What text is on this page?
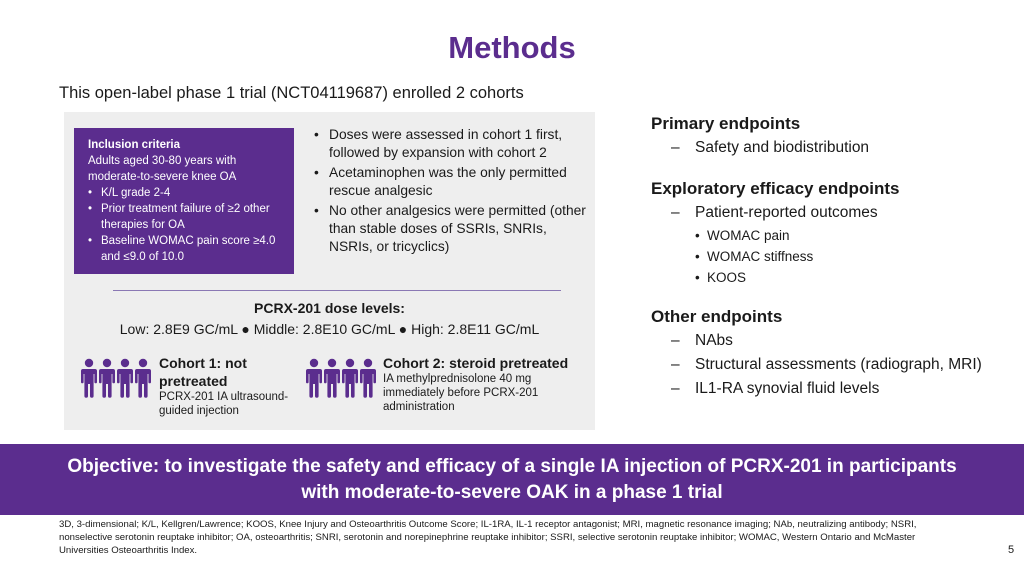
Methods
This open-label phase 1 trial (NCT04119687) enrolled 2 cohorts
Inclusion criteria
Adults aged 30-80 years with moderate-to-severe knee OA
• K/L grade 2-4
• Prior treatment failure of ≥2 other therapies for OA
• Baseline WOMAC pain score ≥4.0 and ≤9.0 of 10.0
• Doses were assessed in cohort 1 first, followed by expansion with cohort 2
• Acetaminophen was the only permitted rescue analgesic
• No other analgesics were permitted (other than stable doses of SSRIs, SNRIs, NSRIs, or tricyclics)
PCRX-201 dose levels:
Low: 2.8E9 GC/mL ● Middle: 2.8E10 GC/mL ● High: 2.8E11 GC/mL
Cohort 1: not pretreated
PCRX-201 IA ultrasound-guided injection
Cohort 2: steroid pretreated
IA methylprednisolone 40 mg immediately before PCRX-201 administration
Primary endpoints
– Safety and biodistribution
Exploratory efficacy endpoints
– Patient-reported outcomes
• WOMAC pain
• WOMAC stiffness
• KOOS
Other endpoints
– NAbs
– Structural assessments (radiograph, MRI)
– IL1-RA synovial fluid levels
Objective: to investigate the safety and efficacy of a single IA injection of PCRX-201 in participants with moderate-to-severe OAK in a phase 1 trial
3D, 3-dimensional; K/L, Kellgren/Lawrence; KOOS, Knee Injury and Osteoarthritis Outcome Score; IL-1RA, IL-1 receptor antagonist; MRI, magnetic resonance imaging; NAb, neutralizing antibody; NSRI, nonselective serotonin reuptake inhibitor; OA, osteoarthritis; SNRI, serotonin and norepinephrine reuptake inhibitor; SSRI, selective serotonin reuptake inhibitor; WOMAC, Western Ontario and McMaster Universities Osteoarthritis Index.	5
